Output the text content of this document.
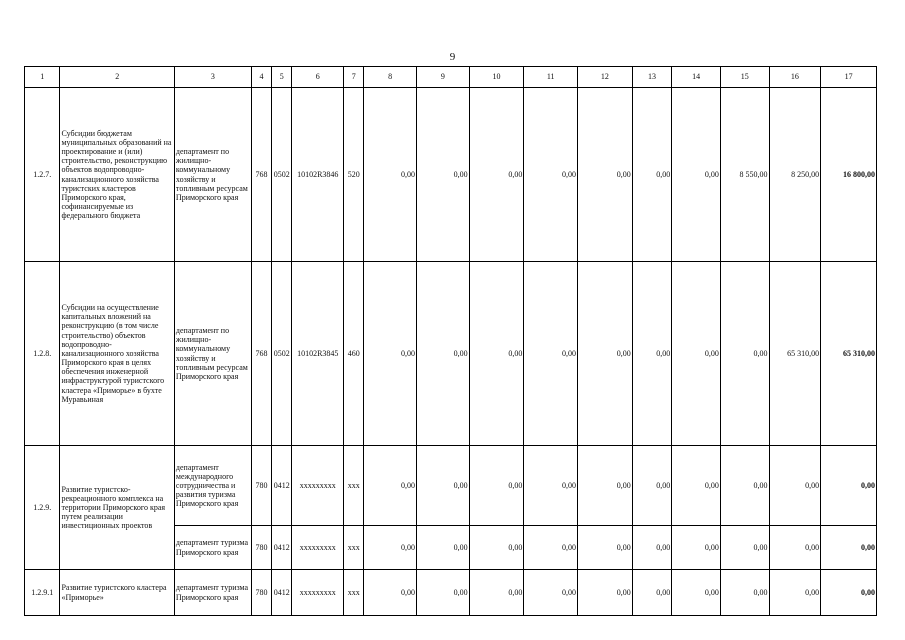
9
1	2	3	4	5	6	7	8	9	10	11	12	13	14	15	16	17
1.2.7.	Субсидии бюджетам муниципальных образований на проектирование и (или) строительство, реконструкцию объектов водопроводно-канализационного хозяйства туристских кластеров Приморского края, софинансируемые из федерального бюджета	департамент по жилищно-коммунальному хозяйству и топливным ресурсам Приморского края	768	0502	10102R3846	520	0,00	0,00	0,00	0,00	0,00	0,00	0,00	8 550,00	8 250,00	16 800,00
1.2.8.	Субсидии на осуществление капитальных вложений на реконструкцию (в том числе строительство) объектов водопроводно-канализационного хозяйства Приморского края в целях обеспечения инженерной инфраструктурой туристского кластера «Приморье» в бухте Муравьиная	департамент по жилищно-коммунальному хозяйству и топливным ресурсам Приморского края	768	0502	10102R3845	460	0,00	0,00	0,00	0,00	0,00	0,00	0,00	0,00	65 310,00	65 310,00
1.2.9.	Развитие туристско-рекреационного комплекса на территории Приморского края путем реализации инвестиционных проектов	департамент международного сотрудничества и развития туризма Приморского края	780	0412	xxxxxxxxx	xxx	0,00	0,00	0,00	0,00	0,00	0,00	0,00	0,00	0,00	0,00
		департамент туризма Приморского края	780	0412	xxxxxxxxx	xxx	0,00	0,00	0,00	0,00	0,00	0,00	0,00	0,00	0,00	0,00
1.2.9.1	Развитие туристского кластера «Приморье»	департамент туризма Приморского края	780	0412	xxxxxxxxx	xxx	0,00	0,00	0,00	0,00	0,00	0,00	0,00	0,00	0,00	0,00
